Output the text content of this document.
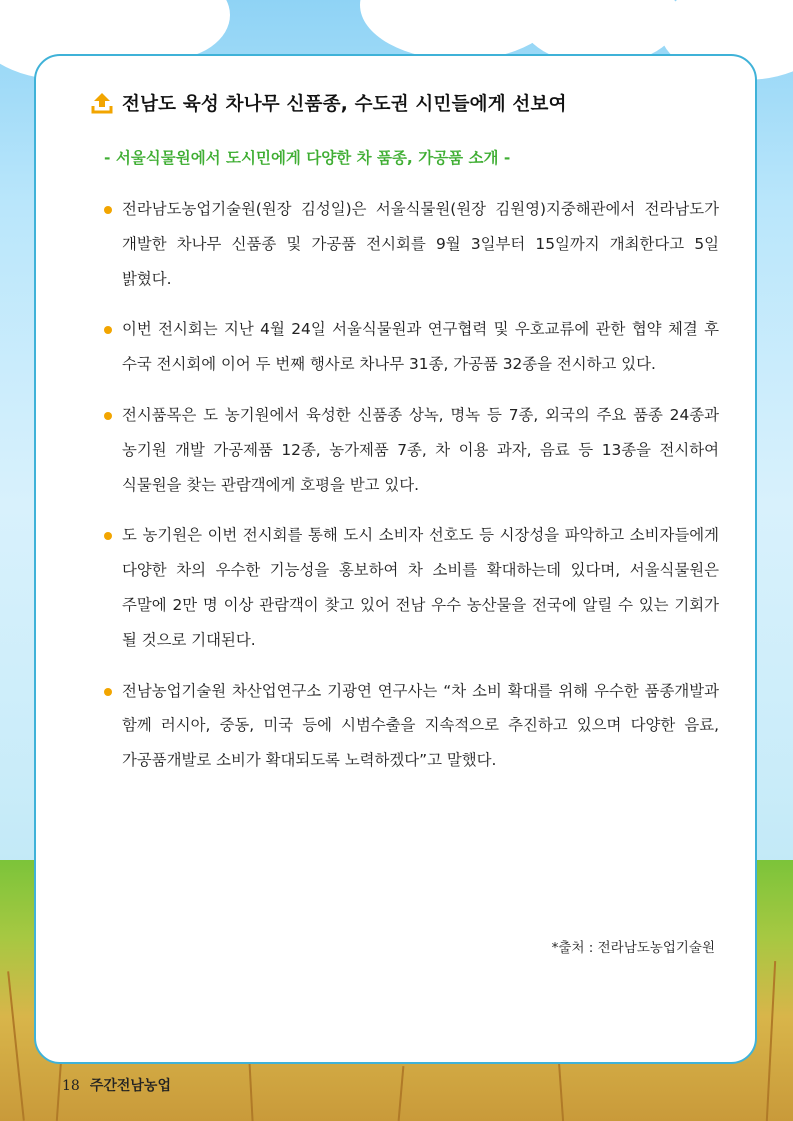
전남도 육성 차나무 신품종, 수도권 시민들에게 선보여
- 서울식물원에서 도시민에게 다양한 차 품종, 가공품 소개 -
전라남도농업기술원(원장 김성일)은 서울식물원(원장 김원영)지중해관에서 전라남도가 개발한 차나무 신품종 및 가공품 전시회를 9월 3일부터 15일까지 개최한다고 5일 밝혔다.
이번 전시회는 지난 4월 24일 서울식물원과 연구협력 및 우호교류에 관한 협약 체결 후 수국 전시회에 이어 두 번째 행사로 차나무 31종, 가공품 32종을 전시하고 있다.
전시품목은 도 농기원에서 육성한 신품종 상녹, 명녹 등 7종, 외국의 주요 품종 24종과 농기원 개발 가공제품 12종, 농가제품 7종, 차 이용 과자, 음료 등 13종을 전시하여 식물원을 찾는 관람객에게 호평을 받고 있다.
도 농기원은 이번 전시회를 통해 도시 소비자 선호도 등 시장성을 파악하고 소비자들에게 다양한 차의 우수한 기능성을 홍보하여 차 소비를 확대하는데 있다며, 서울식물원은 주말에 2만 명 이상 관람객이 찾고 있어 전남 우수 농산물을 전국에 알릴 수 있는 기회가 될 것으로 기대된다.
전남농업기술원 차산업연구소 기광연 연구사는 “차 소비 확대를 위해 우수한 품종개발과 함께 러시아, 중동, 미국 등에 시범수출을 지속적으로 추진하고 있으며 다양한 음료, 가공품개발로 소비가 확대되도록 노력하겠다”고 말했다.
*출처 : 전라남도농업기술원
18 주간전남농업
